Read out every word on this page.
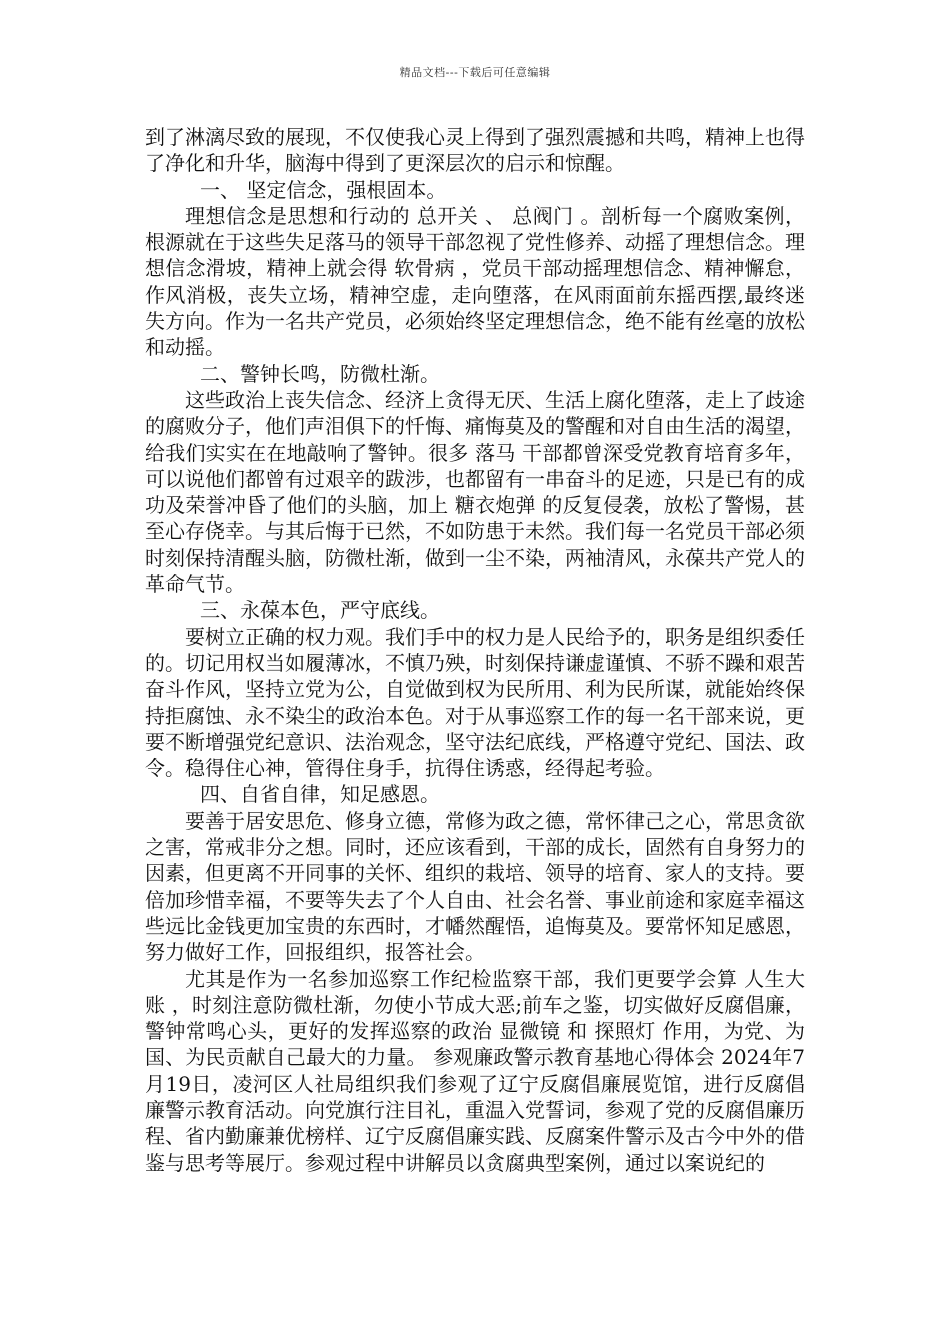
精品文档---下载后可任意编辑

到了淋漓尽致的展现，不仅使我心灵上得到了强烈震撼和共鸣，精神上也得了净化和升华，脑海中得到了更深层次的启示和惊醒。

一、 坚定信念，强根固本。

理想信念是思想和行动的 总开关 、 总阀门 。剖析每一个腐败案例，根源就在于这些失足落马的领导干部忽视了党性修养、动摇了理想信念。理想信念滑坡，精神上就会得 软骨病 ，党员干部动摇理想信念、精神懈怠，作风消极，丧失立场，精神空虚，走向堕落，在风雨面前东摇西摆,最终迷失方向。作为一名共产党员，必须始终坚定理想信念，绝不能有丝毫的放松和动摇。

二、警钟长鸣，防微杜渐。

这些政治上丧失信念、经济上贪得无厌、生活上腐化堕落，走上了歧途的腐败分子，他们声泪俱下的忏悔、痛悔莫及的警醒和对自由生活的渴望，给我们实实在在地敲响了警钟。很多 落马 干部都曾深受党教育培育多年，可以说他们都曾有过艰辛的跋涉，也都留有一串奋斗的足迹，只是已有的成功及荣誉冲昏了他们的头脑，加上 糖衣炮弹 的反复侵袭，放松了警惕，甚至心存侥幸。与其后悔于已然，不如防患于未然。我们每一名党员干部必须时刻保持清醒头脑，防微杜渐，做到一尘不染，两袖清风，永葆共产党人的革命气节。

三、永葆本色，严守底线。

要树立正确的权力观。我们手中的权力是人民给予的，职务是组织委任的。切记用权当如履薄冰，不慎乃殃，时刻保持谦虚谨慎、不骄不躁和艰苦奋斗作风，坚持立党为公，自觉做到权为民所用、利为民所谋，就能始终保持拒腐蚀、永不染尘的政治本色。对于从事巡察工作的每一名干部来说，更要不断增强党纪意识、法治观念，坚守法纪底线，严格遵守党纪、国法、政令。稳得住心神，管得住身手，抗得住诱惑，经得起考验。

四、自省自律，知足感恩。

要善于居安思危、修身立德，常修为政之德，常怀律己之心，常思贪欲之害，常戒非分之想。同时，还应该看到，干部的成长，固然有自身努力的因素，但更离不开同事的关怀、组织的栽培、领导的培育、家人的支持。要倍加珍惜幸福，不要等失去了个人自由、社会名誉、事业前途和家庭幸福这些远比金钱更加宝贵的东西时，才幡然醒悟，追悔莫及。要常怀知足感恩，努力做好工作，回报组织，报答社会。

尤其是作为一名参加巡察工作纪检监察干部，我们更要学会算 人生大账 ，时刻注意防微杜渐，勿使小节成大恶;前车之鉴，切实做好反腐倡廉，警钟常鸣心头，更好的发挥巡察的政治 显微镜 和 探照灯 作用，为党、为国、为民贡献自己最大的力量。 参观廉政警示教育基地心得体会 2024年7月19日，凌河区人社局组织我们参观了辽宁反腐倡廉展览馆，进行反腐倡廉警示教育活动。向党旗行注目礼，重温入党誓词，参观了党的反腐倡廉历程、省内勤廉兼优榜样、辽宁反腐倡廉实践、反腐案件警示及古今中外的借鉴与思考等展厅。参观过程中讲解员以贪腐典型案例，通过以案说纪的
